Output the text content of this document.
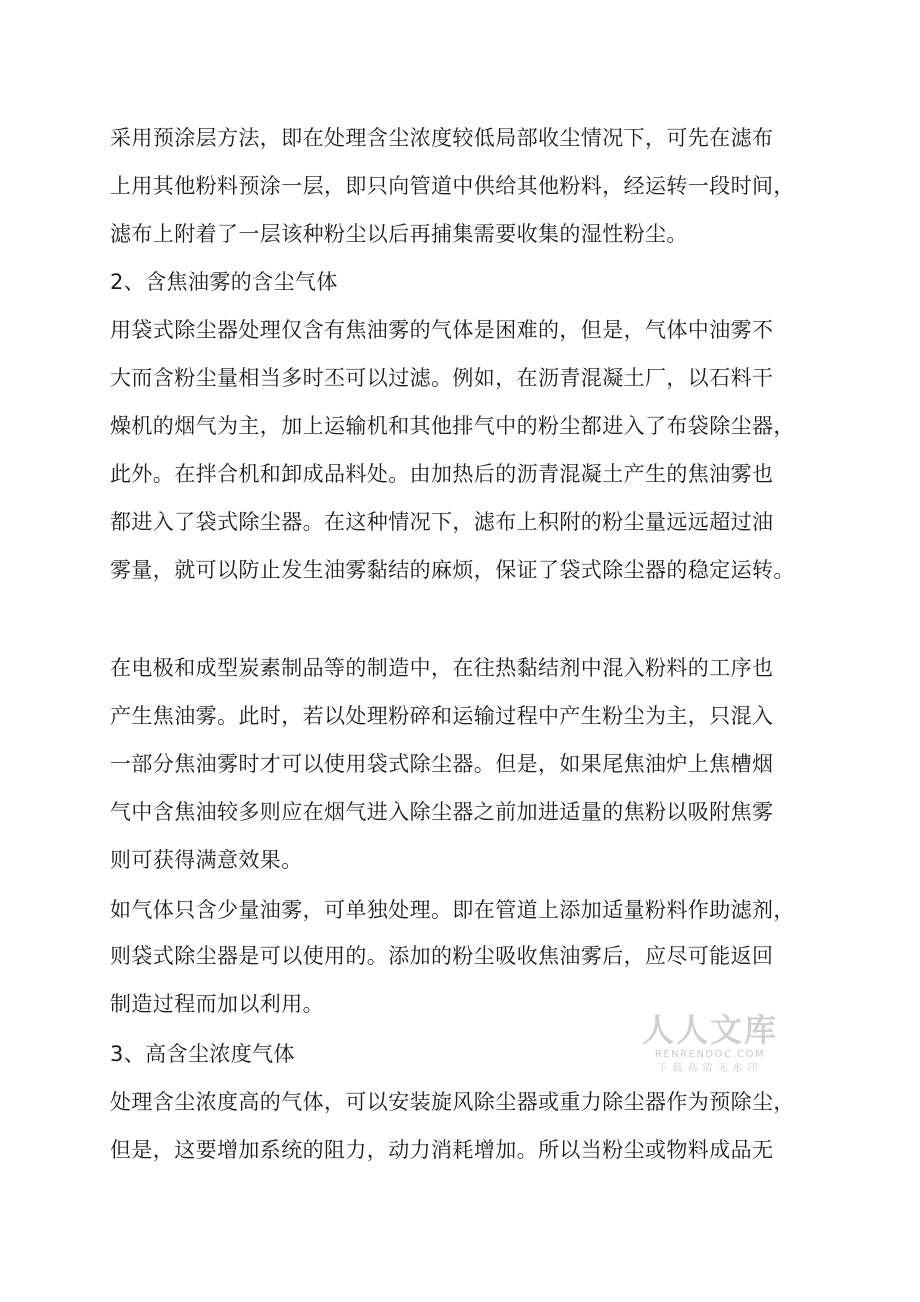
采用预涂层方法，即在处理含尘浓度较低局部收尘情况下，可先在滤布
上用其他粉料预涂一层，即只向管道中供给其他粉料，经运转一段时间，
滤布上附着了一层该种粉尘以后再捕集需要收集的湿性粉尘。
2、含焦油雾的含尘气体
用袋式除尘器处理仅含有焦油雾的气体是困难的，但是，气体中油雾不
大而含粉尘量相当多时丕可以过滤。例如，在沥青混凝土厂，以石料干
燥机的烟气为主，加上运输机和其他排气中的粉尘都进入了布袋除尘器，
此外。在拌合机和卸成品料处。由加热后的沥青混凝土产生的焦油雾也
都进入了袋式除尘器。在这种情况下，滤布上积附的粉尘量远远超过油
雾量，就可以防止发生油雾黏结的麻烦，保证了袋式除尘器的稳定运转。
在电极和成型炭素制品等的制造中，在往热黏结剂中混入粉料的工序也
产生焦油雾。此时，若以处理粉碎和运输过程中产生粉尘为主，只混入
一部分焦油雾时才可以使用袋式除尘器。但是，如果尾焦油炉上焦槽烟
气中含焦油较多则应在烟气进入除尘器之前加进适量的焦粉以吸附焦雾
则可获得满意效果。
如气体只含少量油雾，可单独处理。即在管道上添加适量粉料作助滤剂，
则袋式除尘器是可以使用的。添加的粉尘吸收焦油雾后，应尽可能返回
制造过程而加以利用。
3、高含尘浓度气体
处理含尘浓度高的气体，可以安装旋风除尘器或重力除尘器作为预除尘，
但是，这要增加系统的阻力，动力消耗增加。所以当粉尘或物料成品无
人人文库
RENRENDOC.COM
下载高清无水印
